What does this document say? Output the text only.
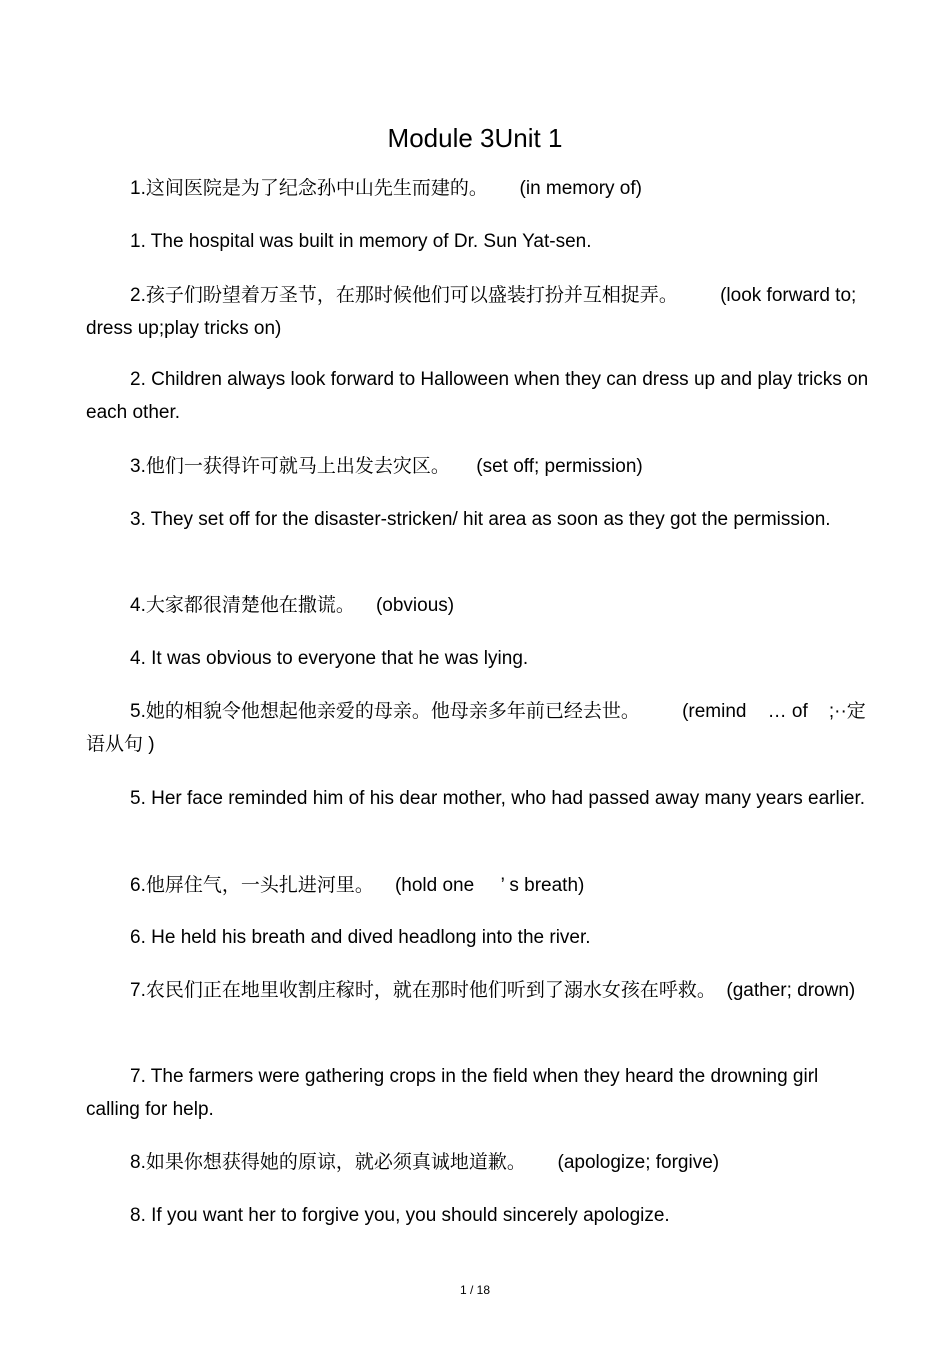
Module 3Unit 1
1.这间医院是为了纪念孙中山先生而建的。      (in memory of)
1. The hospital was built in memory of Dr. Sun Yat-sen.
2.孩子们盼望着万圣节，在那时候他们可以盛装打扮并互相捉弄。        (look forward to; dress up;play tricks on)
2. Children always look forward to Halloween when they can dress up and play tricks on each other.
3.他们一获得许可就马上出发去灾区。     (set off; permission)
3. They set off for the disaster-stricken/ hit area as soon as they got the permission.
4.大家都很清楚他在撒谎。    (obvious)
4. It was obvious to everyone that he was lying.
5.她的相貌令他想起他亲爱的母亲。他母亲多年前已经去世。        (remind    … of    ;··定语从句 )
5. Her face reminded him of his dear mother, who had passed away many years earlier.
6.他屏住气，一头扎进河里。    (hold one     ’ s breath)
6. He held his breath and dived headlong into the river.
7.农民们正在地里收割庄稼时，就在那时他们听到了溺水女孩在呼救。  (gather; drown)
7. The farmers were gathering crops in the field when they heard the drowning girl calling for help.
8.如果你想获得她的原谅，就必须真诚地道歉。      (apologize; forgive)
8. If you want her to forgive you, you should sincerely apologize.
1 / 18
